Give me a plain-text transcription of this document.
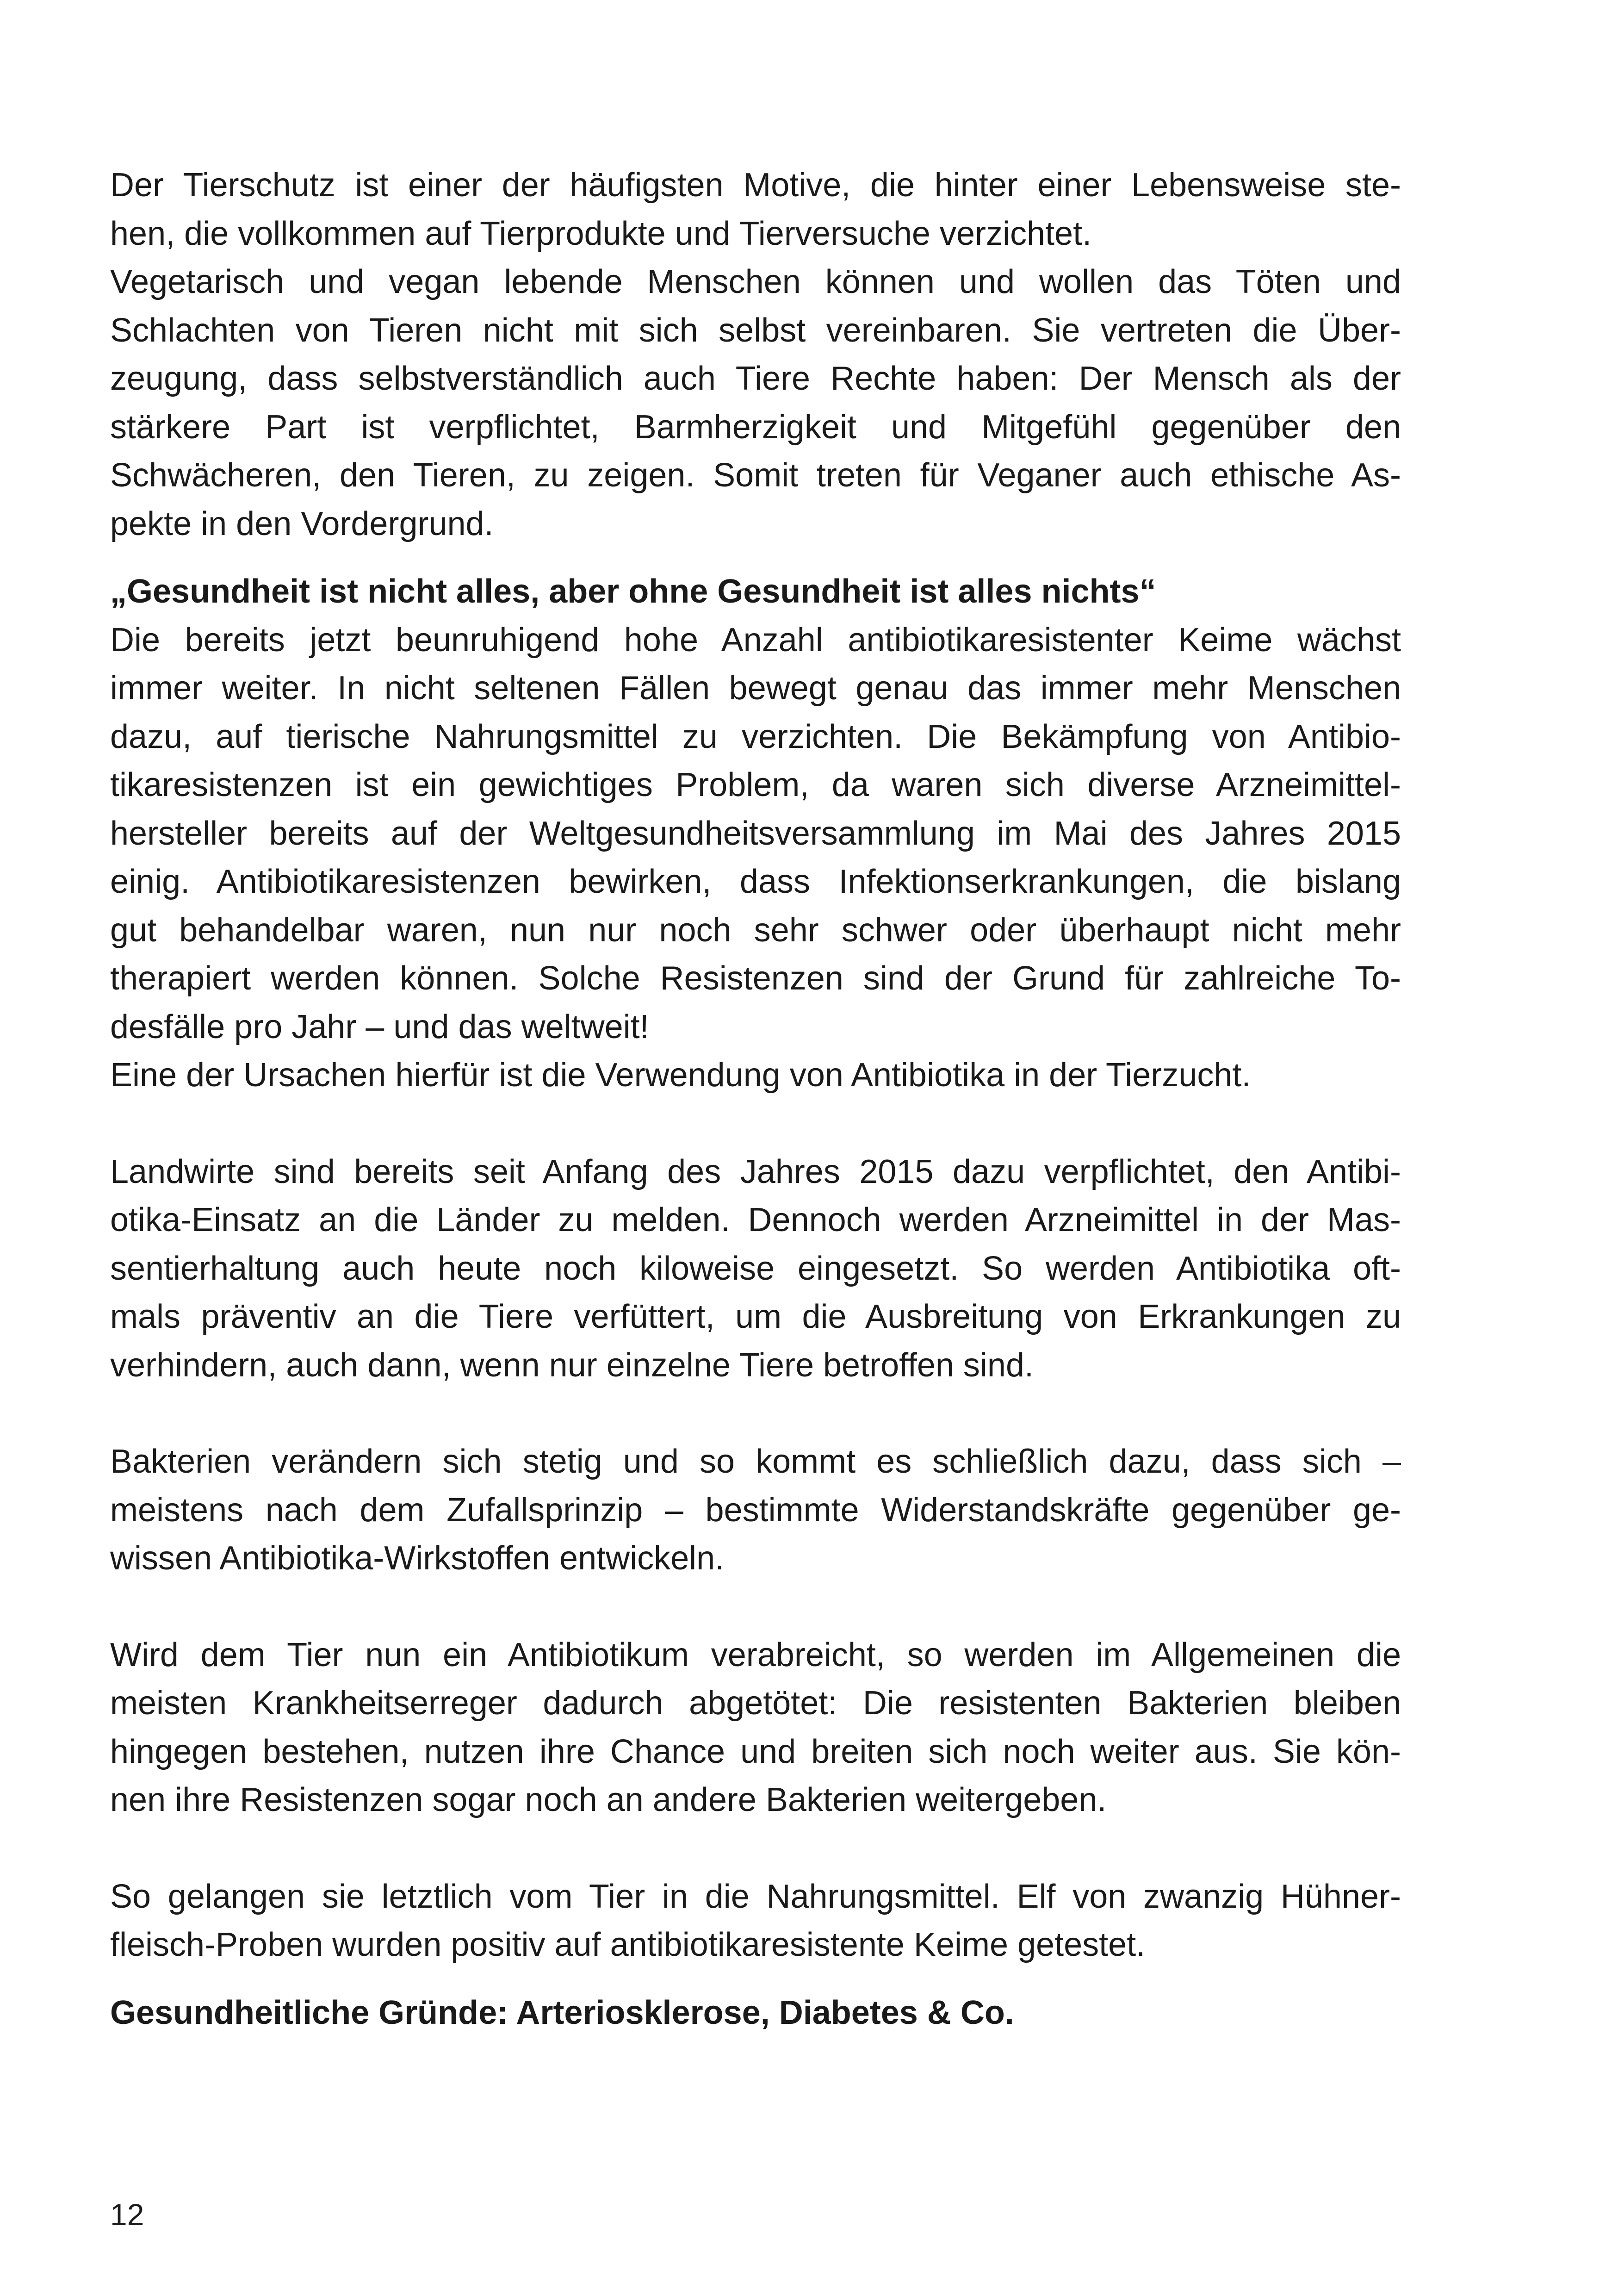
Der Tierschutz ist einer der häufigsten Motive, die hinter einer Lebensweise ste-
hen, die vollkommen auf Tierprodukte und Tierversuche verzichtet.

Vegetarisch und vegan lebende Menschen können und wollen das Töten und
Schlachten von Tieren nicht mit sich selbst vereinbaren. Sie vertreten die Über-
zeugung, dass selbstverständlich auch Tiere Rechte haben: Der Mensch als der
stärkere Part ist verpflichtet, Barmherzigkeit und Mitgefühl gegenüber den
Schwächeren, den Tieren, zu zeigen. Somit treten für Veganer auch ethische As-
pekte in den Vordergrund.

„Gesundheit ist nicht alles, aber ohne Gesundheit ist alles nichts“

Die bereits jetzt beunruhigend hohe Anzahl antibiotikaresistenter Keime wächst
immer weiter. In nicht seltenen Fällen bewegt genau das immer mehr Menschen
dazu, auf tierische Nahrungsmittel zu verzichten. Die Bekämpfung von Antibio-
tikaresistenzen ist ein gewichtiges Problem, da waren sich diverse Arzneimittel-
hersteller bereits auf der Weltgesundheitsversammlung im Mai des Jahres 2015
einig. Antibiotikaresistenzen bewirken, dass Infektionserkrankungen, die bislang
gut behandelbar waren, nun nur noch sehr schwer oder überhaupt nicht mehr
therapiert werden können. Solche Resistenzen sind der Grund für zahlreiche To-
desfälle pro Jahr – und das weltweit!

Eine der Ursachen hierfür ist die Verwendung von Antibiotika in der Tierzucht.

Landwirte sind bereits seit Anfang des Jahres 2015 dazu verpflichtet, den Antibi-
otika-Einsatz an die Länder zu melden. Dennoch werden Arzneimittel in der Mas-
sentierhaltung auch heute noch kiloweise eingesetzt. So werden Antibiotika oft-
mals präventiv an die Tiere verfüttert, um die Ausbreitung von Erkrankungen zu
verhindern, auch dann, wenn nur einzelne Tiere betroffen sind.

Bakterien verändern sich stetig und so kommt es schließlich dazu, dass sich –
meistens nach dem Zufallsprinzip – bestimmte Widerstandskräfte gegenüber ge-
wissen Antibiotika-Wirkstoffen entwickeln.

Wird dem Tier nun ein Antibiotikum verabreicht, so werden im Allgemeinen die
meisten Krankheitserreger dadurch abgetötet: Die resistenten Bakterien bleiben
hingegen bestehen, nutzen ihre Chance und breiten sich noch weiter aus. Sie kön-
nen ihre Resistenzen sogar noch an andere Bakterien weitergeben.

So gelangen sie letztlich vom Tier in die Nahrungsmittel. Elf von zwanzig Hühner-
fleisch-Proben wurden positiv auf antibiotikaresistente Keime getestet.

Gesundheitliche Gründe: Arteriosklerose, Diabetes & Co.
12
